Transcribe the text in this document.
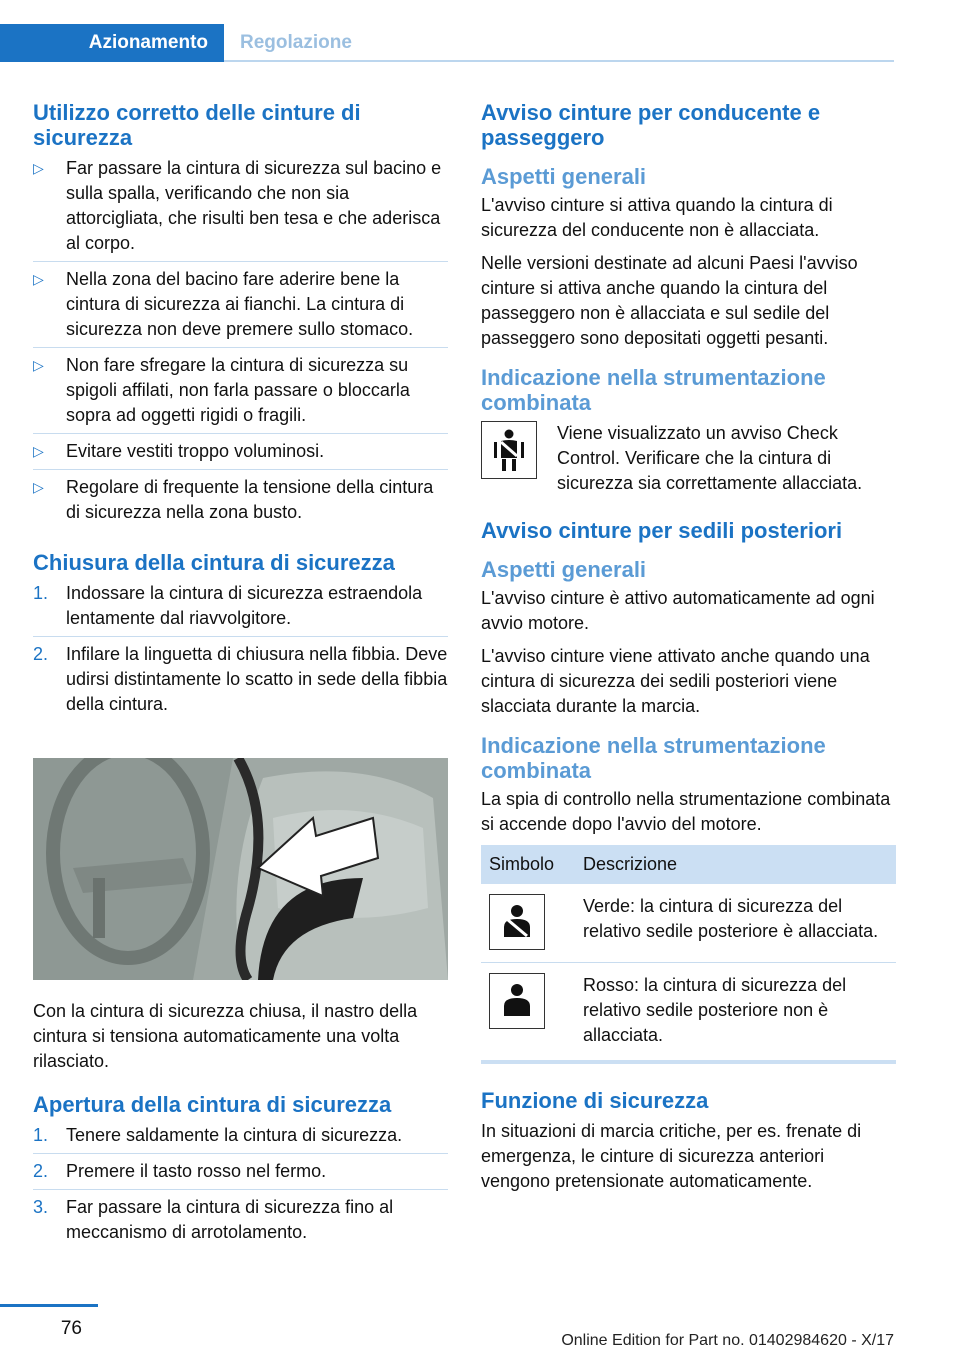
Azionamento	Regolazione
Utilizzo corretto delle cinture di sicurezza
▷ Far passare la cintura di sicurezza sul bacino e sulla spalla, verificando che non sia attorcigliata, che risulti ben tesa e che aderisca al corpo.
▷ Nella zona del bacino fare aderire bene la cintura di sicurezza ai fianchi. La cintura di sicurezza non deve premere sullo stomaco.
▷ Non fare sfregare la cintura di sicurezza su spigoli affilati, non farla passare o bloccarla sopra ad oggetti rigidi o fragili.
▷ Evitare vestiti troppo voluminosi.
▷ Regolare di frequente la tensione della cintura di sicurezza nella zona busto.
Chiusura della cintura di sicurezza
1. Indossare la cintura di sicurezza estraendola lentamente dal riavvolgitore.
2. Infilare la linguetta di chiusura nella fibbia. Deve udirsi distintamente lo scatto in sede della fibbia della cintura.

Con la cintura di sicurezza chiusa, il nastro della cintura si tensiona automaticamente una volta rilasciato.

Apertura della cintura di sicurezza
1. Tenere saldamente la cintura di sicurezza.
2. Premere il tasto rosso nel fermo.
3. Far passare la cintura di sicurezza fino al meccanismo di arrotolamento.
Avviso cinture per conducente e passeggero
Aspetti generali

L'avviso cinture si attiva quando la cintura di sicurezza del conducente non è allacciata.

Nelle versioni destinate ad alcuni Paesi l'avviso cinture si attiva anche quando la cintura del passeggero non è allacciata e sul sedile del passeggero sono depositati oggetti pesanti.

Indicazione nella strumentazione combinata

Viene visualizzato un avviso Check Control. Verificare che la cintura di sicurezza sia correttamente allacciata.

Avviso cinture per sedili posteriori
Aspetti generali

L'avviso cinture è attivo automaticamente ad ogni avvio motore.

L'avviso cinture viene attivato anche quando una cintura di sicurezza dei sedili posteriori viene slacciata durante la marcia.

Indicazione nella strumentazione combinata

La spia di controllo nella strumentazione combinata si accende dopo l'avvio del motore.

Simbolo	Descrizione

	Verde: la cintura di sicurezza del relativo sedile posteriore è allacciata.

	Rosso: la cintura di sicurezza del relativo sedile posteriore non è allacciata.
Funzione di sicurezza

In situazioni di marcia critiche, per es. frenate di emergenza, le cinture di sicurezza anteriori vengono pretensionate automaticamente.

76
Online Edition for Part no. 01402984620 - X/17
